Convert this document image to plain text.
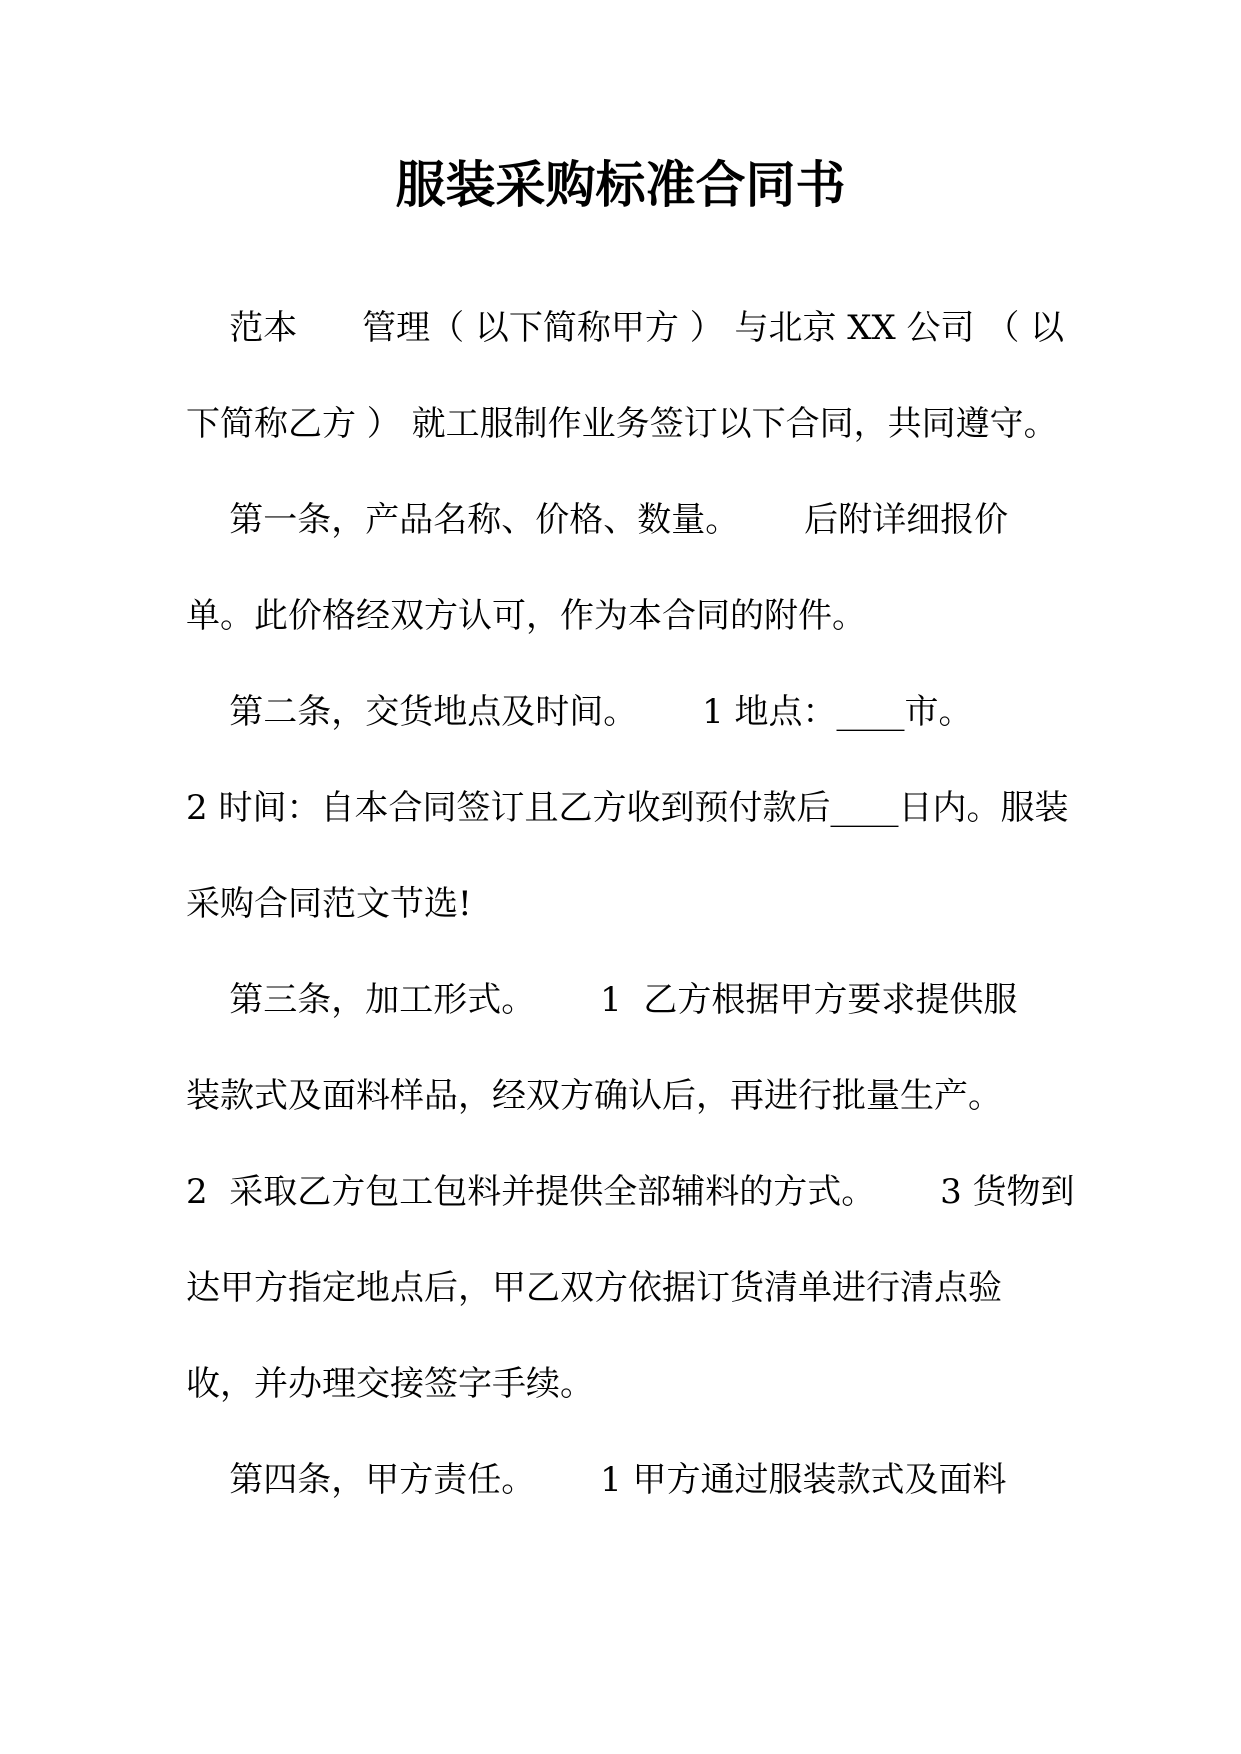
服装采购标准合同书
范本      管理（ 以下简称甲方 ） 与北京 XX 公司 （ 以
下简称乙方 ） 就工服制作业务签订以下合同，共同遵守。
第一条，产品名称、价格、数量。      后附详细报价
单。此价格经双方认可，作为本合同的附件。
第二条，交货地点及时间。      1 地点：____市。
2 时间：自本合同签订且乙方收到预付款后____日内。服装
采购合同范文节选!
第三条，加工形式。      1  乙方根据甲方要求提供服
装款式及面料样品，经双方确认后，再进行批量生产。
2  采取乙方包工包料并提供全部辅料的方式。      3 货物到
达甲方指定地点后，甲乙双方依据订货清单进行清点验
收，并办理交接签字手续。
第四条，甲方责任。      1 甲方通过服装款式及面料
